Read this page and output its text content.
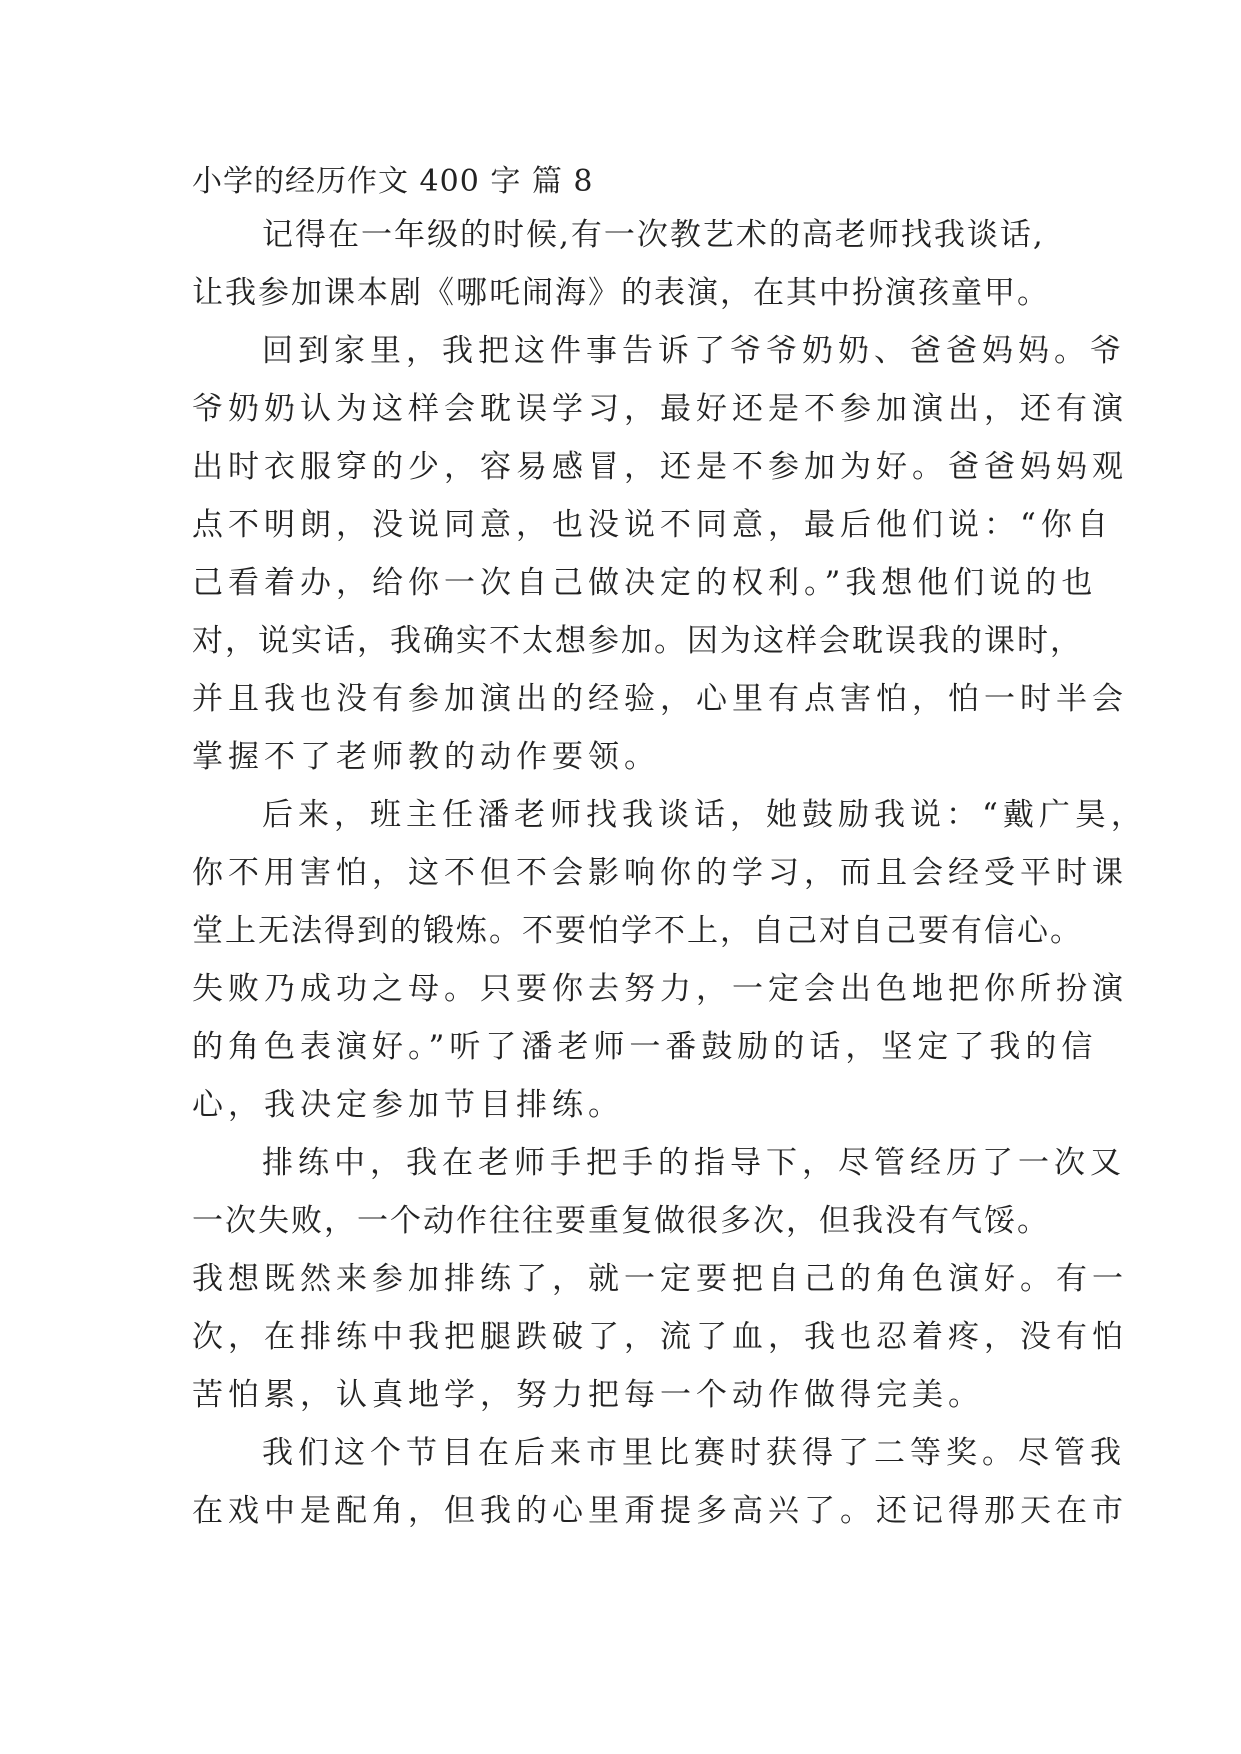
小学的经历作文 400 字 篇 8
记得在一年级的时候,有一次教艺术的高老师找我谈话,
让我参加课本剧《哪吒闹海》的表演，在其中扮演孩童甲。
回到家里，我把这件事告诉了爷爷奶奶、爸爸妈妈。爷
爷奶奶认为这样会耽误学习，最好还是不参加演出，还有演
出时衣服穿的少，容易感冒，还是不参加为好。爸爸妈妈观
点不明朗，没说同意，也没说不同意，最后他们说：“你自
己看着办，给你一次自己做决定的权利。”我想他们说的也
对，说实话，我确实不太想参加。因为这样会耽误我的课时，
并且我也没有参加演出的经验，心里有点害怕，怕一时半会
掌握不了老师教的动作要领。
后来，班主任潘老师找我谈话，她鼓励我说：“戴广昊，
你不用害怕，这不但不会影响你的学习，而且会经受平时课
堂上无法得到的锻炼。不要怕学不上，自己对自己要有信心。
失败乃成功之母。只要你去努力，一定会出色地把你所扮演
的角色表演好。”听了潘老师一番鼓励的话，坚定了我的信
心，我决定参加节目排练。
排练中，我在老师手把手的指导下，尽管经历了一次又
一次失败，一个动作往往要重复做很多次，但我没有气馁。
我想既然来参加排练了，就一定要把自己的角色演好。有一
次，在排练中我把腿跌破了，流了血，我也忍着疼，没有怕
苦怕累，认真地学，努力把每一个动作做得完美。
我们这个节目在后来市里比赛时获得了二等奖。尽管我
在戏中是配角，但我的心里甭提多高兴了。还记得那天在市
